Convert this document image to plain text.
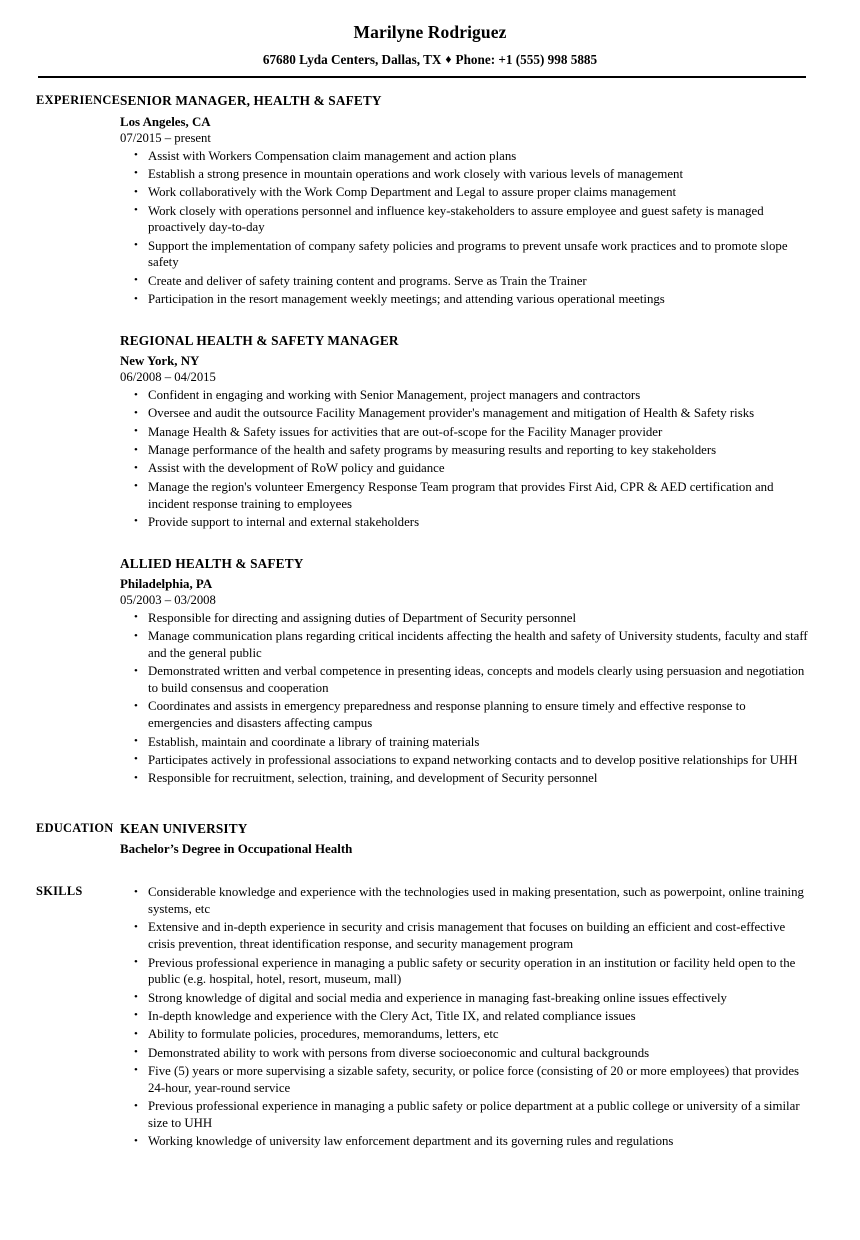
Marilyne Rodriguez
67680 Lyda Centers, Dallas, TX ♦ Phone: +1 (555) 998 5885
EXPERIENCE SENIOR MANAGER, HEALTH & SAFETY
Los Angeles, CA
07/2015 – present
• Assist with Workers Compensation claim management and action plans
• Establish a strong presence in mountain operations and work closely with various levels of management
• Work collaboratively with the Work Comp Department and Legal to assure proper claims management
• Work closely with operations personnel and influence key-stakeholders to assure employee and guest safety is managed proactively day-to-day
• Support the implementation of company safety policies and programs to prevent unsafe work practices and to promote slope safety
• Create and deliver of safety training content and programs. Serve as Train the Trainer
• Participation in the resort management weekly meetings; and attending various operational meetings
REGIONAL HEALTH & SAFETY MANAGER
New York, NY
06/2008 – 04/2015
• Confident in engaging and working with Senior Management, project managers and contractors
• Oversee and audit the outsource Facility Management provider's management and mitigation of Health & Safety risks
• Manage Health & Safety issues for activities that are out-of-scope for the Facility Manager provider
• Manage performance of the health and safety programs by measuring results and reporting to key stakeholders
• Assist with the development of RoW policy and guidance
• Manage the region's volunteer Emergency Response Team program that provides First Aid, CPR & AED certification and incident response training to employees
• Provide support to internal and external stakeholders
ALLIED HEALTH & SAFETY
Philadelphia, PA
05/2003 – 03/2008
• Responsible for directing and assigning duties of Department of Security personnel
• Manage communication plans regarding critical incidents affecting the health and safety of University students, faculty and staff and the general public
• Demonstrated written and verbal competence in presenting ideas, concepts and models clearly using persuasion and negotiation to build consensus and cooperation
• Coordinates and assists in emergency preparedness and response planning to ensure timely and effective response to emergencies and disasters affecting campus
• Establish, maintain and coordinate a library of training materials
• Participates actively in professional associations to expand networking contacts and to develop positive relationships for UHH
• Responsible for recruitment, selection, training, and development of Security personnel
EDUCATION KEAN UNIVERSITY
Bachelor’s Degree in Occupational Health
SKILLS	• Considerable knowledge and experience with the technologies used in making presentation, such as powerpoint, online training systems, etc
• Extensive and in-depth experience in security and crisis management that focuses on building an efficient and cost-effective crisis prevention, threat identification response, and security management program
• Previous professional experience in managing a public safety or security operation in an institution or facility held open to the public (e.g. hospital, hotel, resort, museum, mall)
• Strong knowledge of digital and social media and experience in managing fast-breaking online issues effectively
• In-depth knowledge and experience with the Clery Act, Title IX, and related compliance issues
• Ability to formulate policies, procedures, memorandums, letters, etc
• Demonstrated ability to work with persons from diverse socioeconomic and cultural backgrounds
• Five (5) years or more supervising a sizable safety, security, or police force (consisting of 20 or more employees) that provides 24-hour, year-round service
• Previous professional experience in managing a public safety or police department at a public college or university of a similar size to UHH
• Working knowledge of university law enforcement department and its governing rules and regulations
